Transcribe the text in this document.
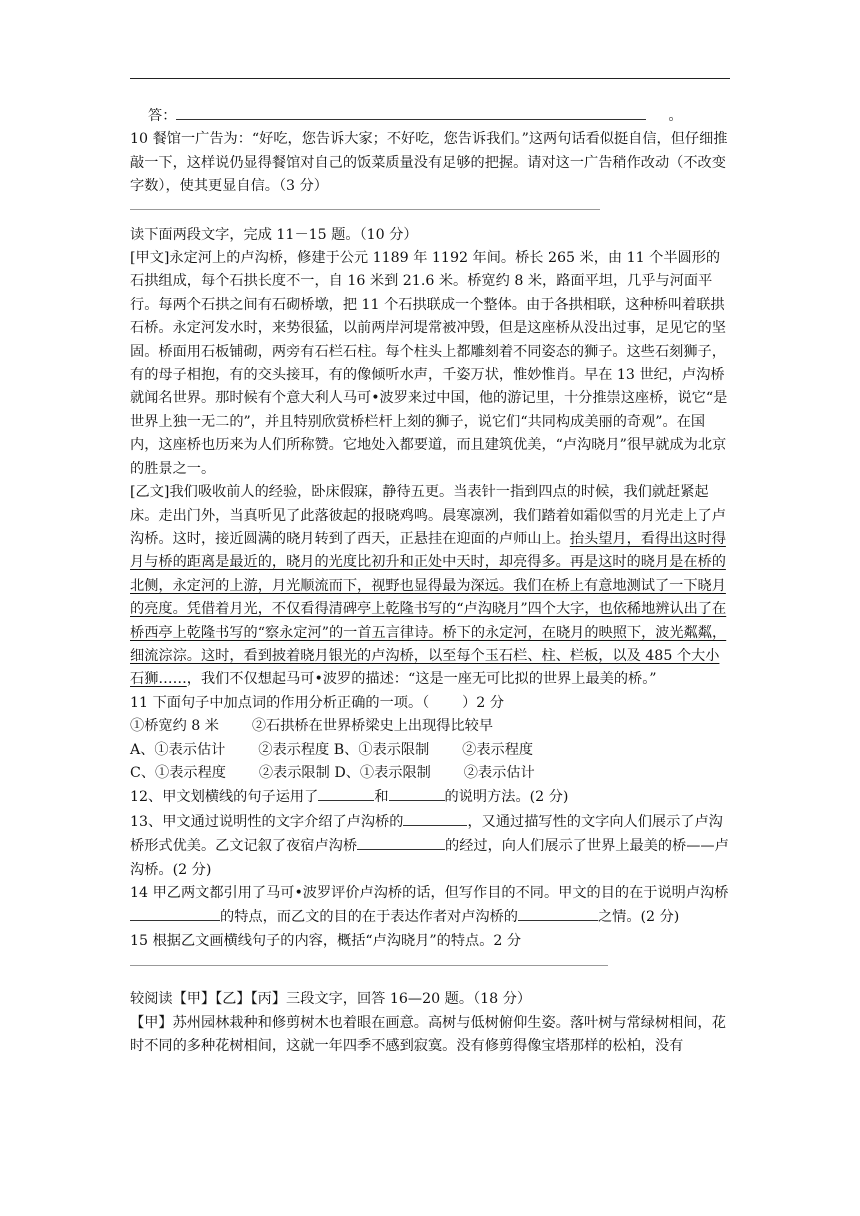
答：	。

10 餐馆一广告为：“好吃，您告诉大家；不好吃，您告诉我们。”这两句话看似挺自信，但仔细推敲一下，这样说仍显得餐馆对自己的饭菜质量没有足够的把握。请对这一广告稍作改动（不改变字数），使其更显自信。（3 分）

读下面两段文字，完成 11－15 题。（10 分）

[甲文]永定河上的卢沟桥，修建于公元 1189 年 1192 年间。桥长 265 米，由 11 个半圆形的石拱组成，每个石拱长度不一，自 16 米到 21.6 米。桥宽约 8 米，路面平坦，几乎与河面平行。每两个石拱之间有石砌桥墩，把 11 个石拱联成一个整体。由于各拱相联，这种桥叫着联拱石桥。永定河发水时，来势很猛，以前两岸河堤常被冲毁，但是这座桥从没出过事，足见它的坚固。桥面用石板铺砌，两旁有石栏石柱。每个柱头上都雕刻着不同姿态的狮子。这些石刻狮子，有的母子相抱，有的交头接耳，有的像倾听水声，千姿万状，惟妙惟肖。早在 13 世纪，卢沟桥就闻名世界。那时候有个意大利人马可•波罗来过中国，他的游记里，十分推崇这座桥，说它“是世界上独一无二的”，并且特别欣赏桥栏杆上刻的狮子，说它们“共同构成美丽的奇观”。在国内，这座桥也历来为人们所称赞。它地处入都要道，而且建筑优美，“卢沟晓月”很早就成为北京的胜景之一。

[乙文]我们吸收前人的经验，卧床假寐，静待五更。当表针一指到四点的时候，我们就赶紧起床。走出门外，当真听见了此落彼起的报晓鸡鸣。晨寒凛冽，我们踏着如霜似雪的月光走上了卢沟桥。这时，接近圆满的晓月转到了西天，正悬挂在迎面的卢师山上。抬头望月，看得出这时得月与桥的距离是最近的，晓月的光度比初升和正处中天时，却亮得多。再是这时的晓月是在桥的北侧，永定河的上游，月光顺流而下，视野也显得最为深远。我们在桥上有意地测试了一下晓月的亮度。凭借着月光，不仅看得清碑亭上乾隆书写的“卢沟晓月”四个大字，也依稀地辨认出了在桥西亭上乾隆书写的“察永定河”的一首五言律诗。桥下的永定河，在晓月的映照下，波光粼粼，细流淙淙。这时，看到披着晓月银光的卢沟桥，以至每个玉石栏、柱、栏板，以及 485 个大小石狮……，我们不仅想起马可•波罗的描述：“这是一座无可比拟的世界上最美的桥。”

11 下面句子中加点词的作用分析正确的一项。（　　 ）2 分

①桥宽约 8 米　　 ②石拱桥在世界桥梁史上出现得比较早

A、①表示估计　　 ②表示程度 B、①表示限制　　 ②表示程度

C、①表示程度　　 ②表示限制 D、①表示限制　　 ②表示估计

12、甲文划横线的句子运用了	和	的说明方法。(2 分)

13、甲文通过说明性的文字介绍了卢沟桥的	，又通过描写性的文字向人们展示了卢沟桥形式优美。乙文记叙了夜宿卢沟桥	的经过，向人们展示了世界上最美的桥——卢沟桥。(2 分)

14 甲乙两文都引用了马可•波罗评价卢沟桥的话，但写作目的不同。甲文的目的在于说明卢沟桥的特点，而乙文的目的在于表达作者对卢沟桥的	之情。(2 分)

15 根据乙文画横线句子的内容，概括“卢沟晓月”的特点。2 分

较阅读【甲】【乙】【丙】三段文字，回答 16—20 题。（18 分）

【甲】苏州园林栽种和修剪树木也着眼在画意。高树与低树俯仰生姿。落叶树与常绿树相间，花时不同的多种花树相间，这就一年四季不感到寂寞。没有修剪得像宝塔那样的松柏，没有
